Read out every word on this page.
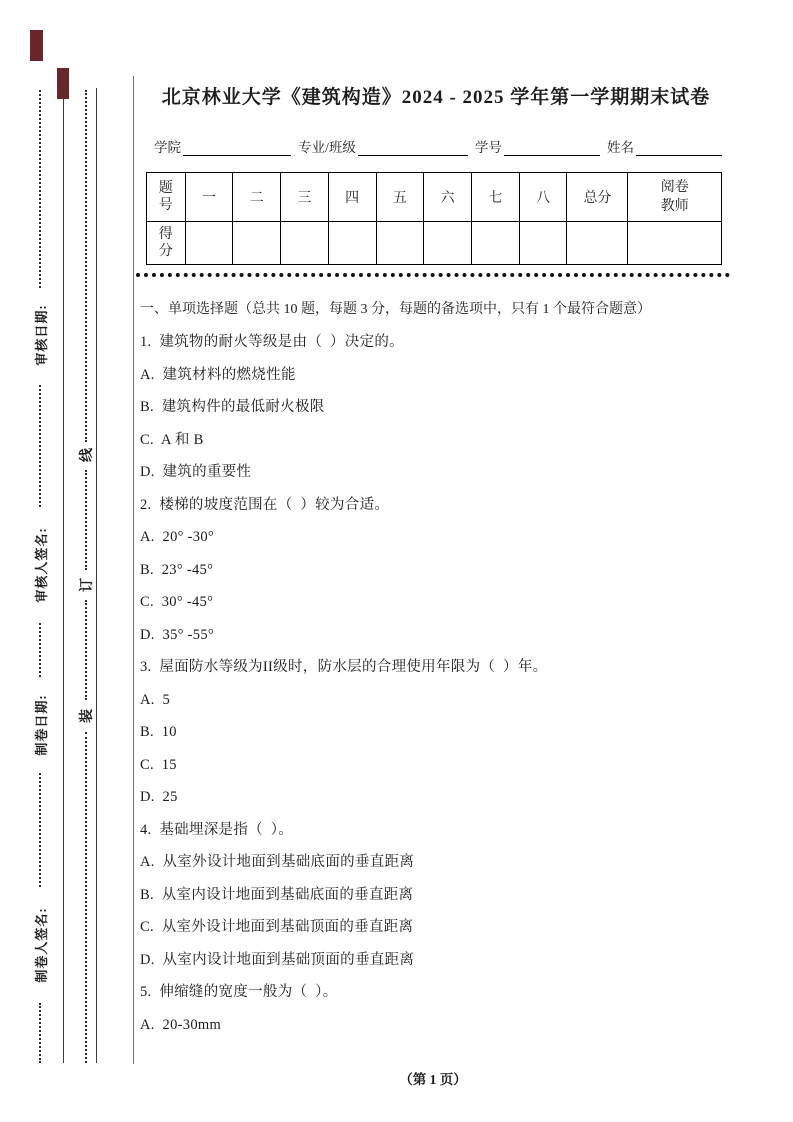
审核日期:
审核人签名:
制卷日期:
制卷人签名:
线
订
装
北京林业大学《建筑构造》2024 - 2025 学年第一学期期末试卷
学院	专业/班级	学号	姓名
题号	一	二	三	四	五	六	七	八	总分	阅卷教师
得分										
一、单项选择题（总共 10 题，每题 3 分，每题的备选项中，只有 1 个最符合题意）

1.  建筑物的耐火等级是由（  ）决定的。

A.  建筑材料的燃烧性能

B.  建筑构件的最低耐火极限

C.  A 和 B

D.  建筑的重要性

2.  楼梯的坡度范围在（  ）较为合适。

A.  20° -30°

B.  23° -45°

C.  30° -45°

D.  35° -55°

3.  屋面防水等级为II级时，防水层的合理使用年限为（  ）年。

A.  5

B.  10

C.  15

D.  25

4.  基础埋深是指（  ）。

A.  从室外设计地面到基础底面的垂直距离

B.  从室内设计地面到基础底面的垂直距离

C.  从室外设计地面到基础顶面的垂直距离

D.  从室内设计地面到基础顶面的垂直距离

5.  伸缩缝的宽度一般为（  ）。

A.  20-30mm

（第 1 页）
